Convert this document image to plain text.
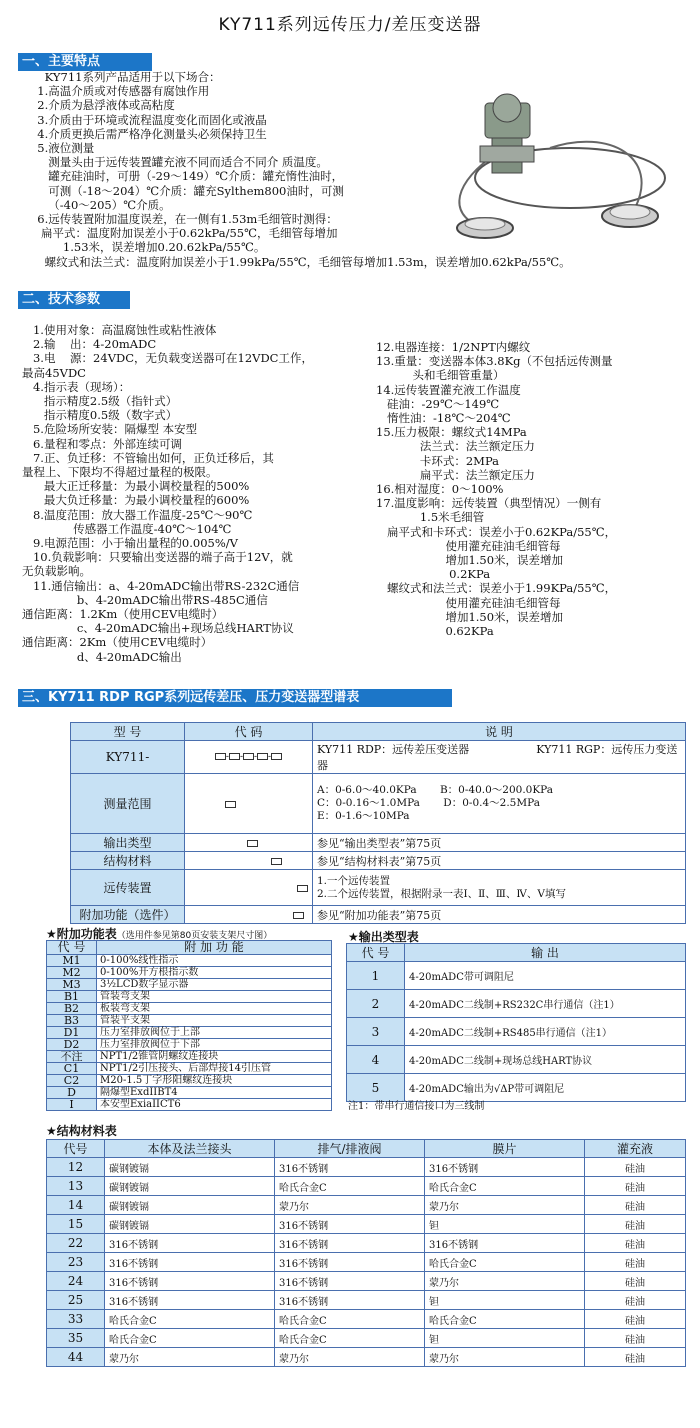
KY711系列远传压力/差压变送器
一、主要特点
KY711系列产品适用于以下场合：
1.高温介质或对传感器有腐蚀作用
2.介质为悬浮液体或高粘度
3.介质由于环境或流程温度变化而固化或液晶
4.介质更换后需严格净化测量头必须保持卫生
5.液位测量
测量头由于远传装置罐充液不同而适合不同介 质温度。
罐充硅油时，可册（-29～149）℃介质：罐充惰性油时，
可测（-18～204）℃介质：罐充Sylthem800油时，可测
（-40～205）℃介质。
6.远传装置附加温度误差，在一侧有1.53m毛细管时测得：
扁平式：温度附加误差小于0.62kPa/55℃，毛细管每增加
1.53米，误差增加0.20.62kPa/55℃。
螺纹式和法兰式：温度附加误差小于1.99kPa/55℃，毛细管每增加1.53m，误差增加0.62kPa/55℃。
二、技术参数
1.使用对象：高温腐蚀性或粘性液体
2.输    出：4-20mADC
3.电    源：24VDC，无负载变送器可在12VDC工作，
最高45VDC
4.指示表（现场）：
指示精度2.5级（指针式）
指示精度0.5级（数字式）
5.危险场所安装：隔爆型 本安型
6.量程和零点：外部连续可调
7.正、负迁移：不管输出如何，正负迁移后，其
量程上、下限均不得超过量程的极限。
最大正迁移量：为最小调校量程的500%
最大负迁移量：为最小调校量程的600%
8.温度范围：放大器工作温度-25℃～90℃
传感器工作温度-40℃～104℃
9.电源范围：小于输出量程的0.005%/V
10.负载影响：只要输出变送器的端子高于12V，就
无负载影响。
11.通信输出：a、4-20mADC输出带RS-232C通信
b、4-20mADC输出带RS-485C通信
通信距离：1.2Km（使用CEV电缆时）
c、4-20mADC输出+现场总线HART协议
通信距离：2Km（使用CEV电缆时）
d、4-20mADC输出
12.电器连接：1/2NPT内螺纹
13.重量：变送器本体3.8Kg（不包括远传测量
头和毛细管重量）
14.远传装置灌充液工作温度
硅油：-29℃～149℃
惰性油：-18℃～204℃
15.压力极限：螺纹式14MPa
法兰式：法兰额定压力
卡环式：2MPa
扁平式：法兰额定压力
16.相对湿度：0～100%
17.温度影响：远传装置（典型情况）一侧有
1.5米毛细管
扁平式和卡环式：误差小于0.62KPa/55℃，
使用灌充硅油毛细管每
增加1.50米，误差增加
0.2KPa
螺纹式和法兰式：误差小于1.99KPa/55℃，
使用灌充硅油毛细管每
增加1.50米，误差增加
0.62KPa
三、KY711 RDP RGP系列远传差压、压力变送器型谱表
型 号	代 码	说 明
KY711-	- - - -	KY711 RDP：远传差压变送器 KY711 RGP：远传压力变送器
测量范围		A：0-6.0～40.0KPa       B：0-40.0～200.0KPa
C：0-0.16～1.0MPa       D：0-0.4～2.5MPa
E：0-1.6～10MPa

输出类型		参见“输出类型表”第75页
结构材料		参见“结构材料表”第75页
远传装置		1.一个远传装置
2.二个远传装置，根据附录一表Ⅰ、Ⅱ、Ⅲ、Ⅳ、Ⅴ填写

附加功能（选件）		参见“附加功能表”第75页
★附加功能表（选用件参见第80页安装支架尺寸图）
代 号	附 加 功 能
M1	0-100%线性指示
M2	0-100%开方根指示数
M3	3½LCD数字显示器
B1	管装弯支架
B2	板装弯支架
B3	管装平支架
D1	压力室排放阀位于上部
D2	压力室排放阀位于下部
不注	NPT1/2锥管阴螺纹连接块
C1	NPT1/2引压接头、后部焊接14引压管
C2	M20-1.5丁字形阳螺纹连接块
D	隔爆型ExdIIBT4
I	本安型ExiaIICT6
★输出类型表
代 号	输 出
1	4-20mADC带可调阻尼
2	4-20mADC二线制+RS232C串行通信（注1）
3	4-20mADC二线制+RS485串行通信（注1）
4	4-20mADC二线制+现场总线HART协议
5	4-20mADC输出为√ΔP带可调阻尼
注1：带串行通信接口为三线制
★结构材料表
代号	本体及法兰接头	排气/排液阀	膜片	灌充液
12	碳钢镀镉	316不锈钢	316不锈钢	硅油
13	碳钢镀镉	哈氏合金C	哈氏合金C	硅油
14	碳钢镀镉	蒙乃尔	蒙乃尔	硅油
15	碳钢镀镉	316不锈钢	钽	硅油
22	316不锈钢	316不锈钢	316不锈钢	硅油
23	316不锈钢	316不锈钢	哈氏合金C	硅油
24	316不锈钢	316不锈钢	蒙乃尔	硅油
25	316不锈钢	316不锈钢	钽	硅油
33	哈氏合金C	哈氏合金C	哈氏合金C	硅油
35	哈氏合金C	哈氏合金C	钽	硅油
44	蒙乃尔	蒙乃尔	蒙乃尔	硅油
